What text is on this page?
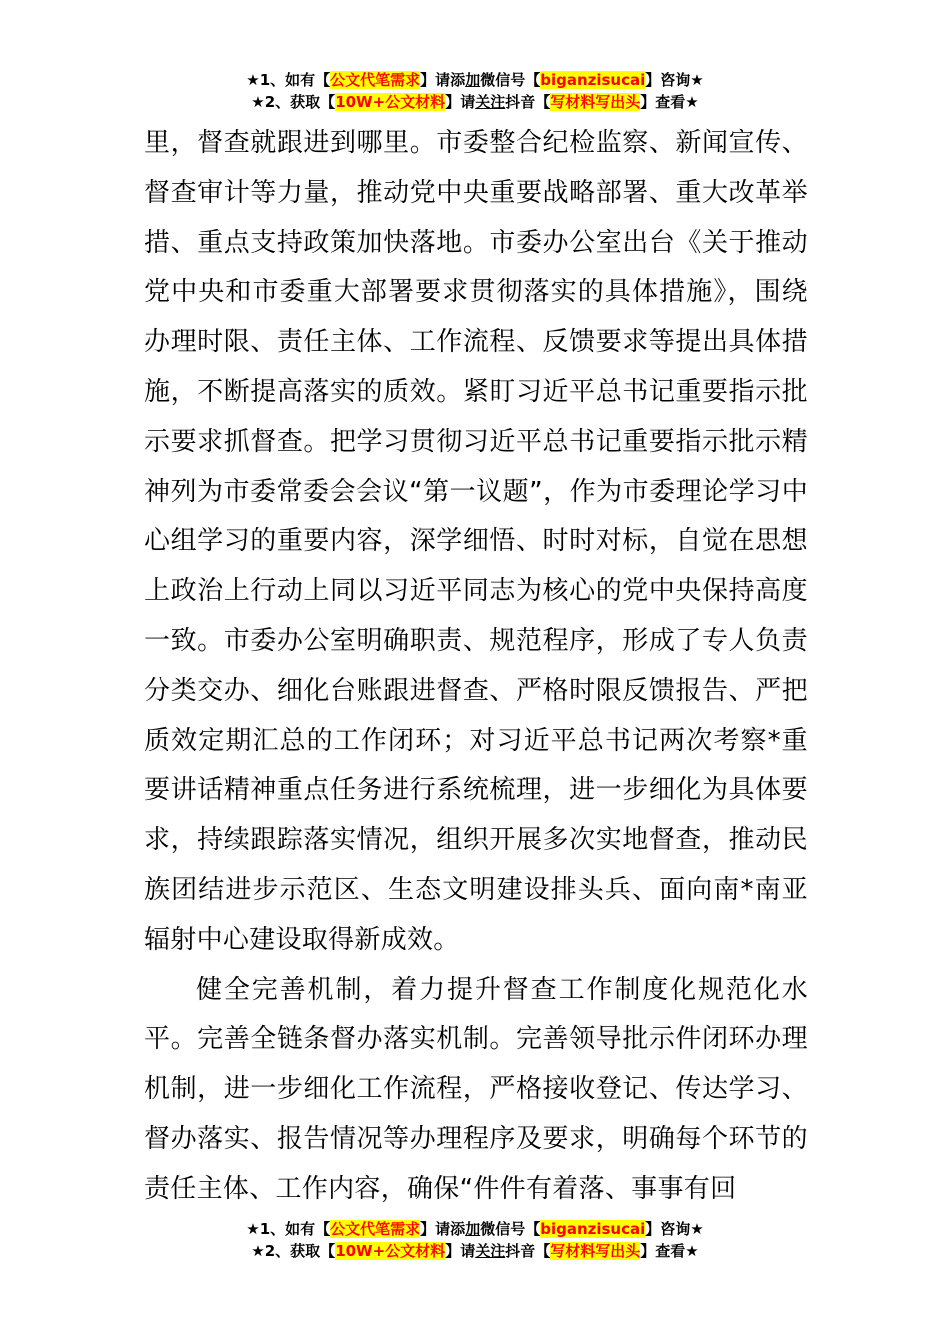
★1、如有【公文代笔需求】请添加微信号【biganzisucai】咨询★
★2、获取【10W+公文材料】请关注抖音【写材料写出头】查看★

里，督查就跟进到哪里。市委整合纪检监察、新闻宣传、督查审计等力量，推动党中央重要战略部署、重大改革举措、重点支持政策加快落地。市委办公室出台《关于推动党中央和市委重大部署要求贯彻落实的具体措施》，围绕办理时限、责任主体、工作流程、反馈要求等提出具体措施，不断提高落实的质效。紧盯习近平总书记重要指示批示要求抓督查。把学习贯彻习近平总书记重要指示批示精神列为市委常委会会议“第一议题”，作为市委理论学习中心组学习的重要内容，深学细悟、时时对标，自觉在思想上政治上行动上同以习近平同志为核心的党中央保持高度一致。市委办公室明确职责、规范程序，形成了专人负责分类交办、细化台账跟进督查、严格时限反馈报告、严把质效定期汇总的工作闭环；对习近平总书记两次考察*重要讲话精神重点任务进行系统梳理，进一步细化为具体要求，持续跟踪落实情况，组织开展多次实地督查，推动民族团结进步示范区、生态文明建设排头兵、面向南*南亚辐射中心建设取得新成效。

健全完善机制，着力提升督查工作制度化规范化水平。完善全链条督办落实机制。完善领导批示件闭环办理机制，进一步细化工作流程，严格接收登记、传达学习、督办落实、报告情况等办理程序及要求，明确每个环节的责任主体、工作内容，确保“件件有着落、事事有回

★1、如有【公文代笔需求】请添加微信号【biganzisucai】咨询★
★2、获取【10W+公文材料】请关注抖音【写材料写出头】查看★
